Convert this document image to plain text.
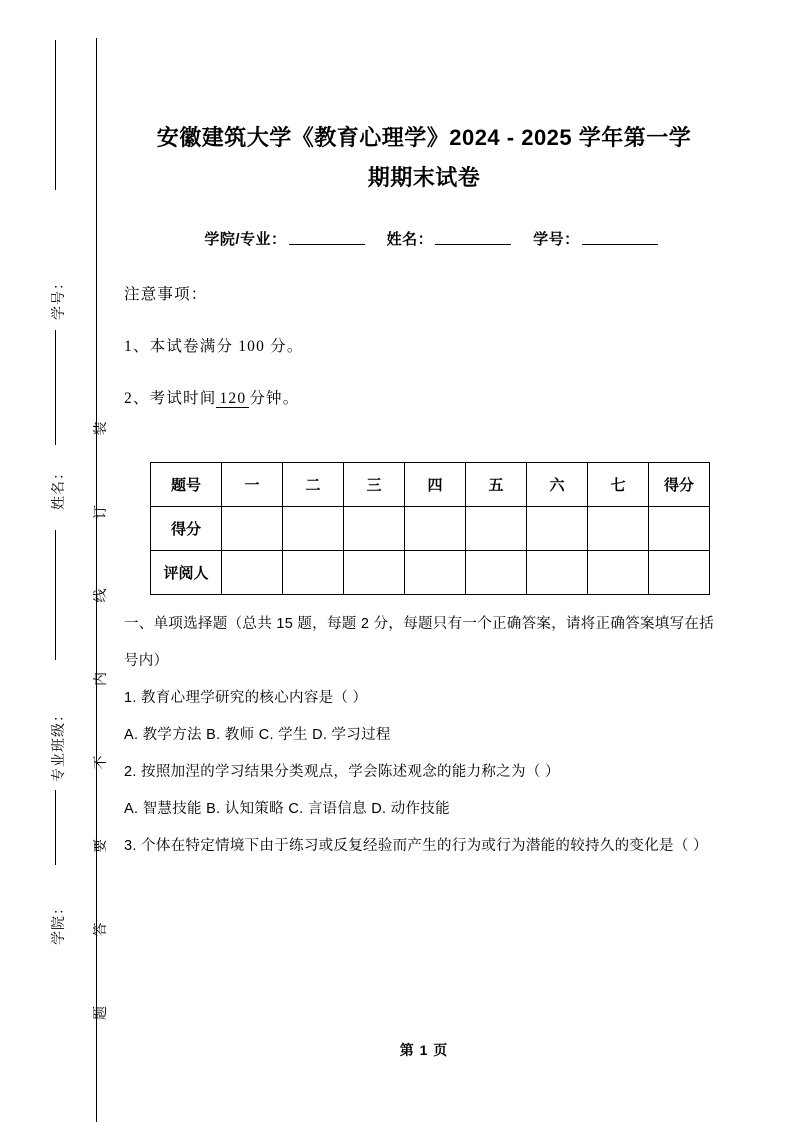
学号：
姓名：
专业班级：
学院： 题 答 要 不 内 线 订 装
安徽建筑大学《教育心理学》2024 - 2025 学年第一学
期期末试卷
学院/专业：	姓名：	学号：
注意事项：
1、本试卷满分 100 分。
2、考试时间 120 分钟。
题号	一	二	三	四	五	六	七	得分
得分								
评阅人								
一、单项选择题（总共 15 题，每题 2 分，每题只有一个正确答案，请将正确答案填写在括号内）
1. 教育心理学研究的核心内容是（ ）
A. 教学方法 B. 教师 C. 学生 D. 学习过程
2. 按照加涅的学习结果分类观点，学会陈述观念的能力称之为（ ）
A. 智慧技能 B. 认知策略 C. 言语信息 D. 动作技能
3. 个体在特定情境下由于练习或反复经验而产生的行为或行为潜能的较持久的变化是（ ）
第 1 页
